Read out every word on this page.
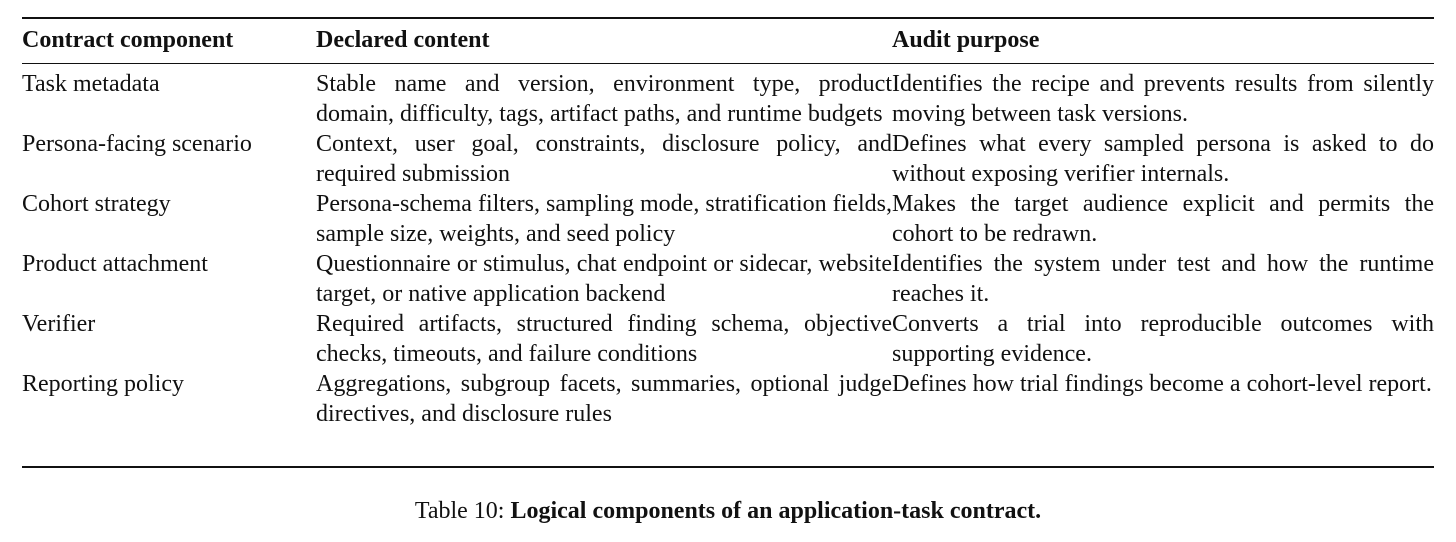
Contract component	Declared content	Audit purpose
Task metadata	Stable name and version, environment type, product domain, difficulty, tags, artifact paths, and runtime budgets	Identifies the recipe and prevents results from silently moving between task versions.
Persona-facing scenario	Context, user goal, constraints, disclosure policy, and required submission	Defines what every sampled persona is asked to do without exposing verifier internals.
Cohort strategy	Persona-schema filters, sampling mode, stratification fields, sample size, weights, and seed policy	Makes the target audience explicit and permits the cohort to be redrawn.
Product attachment	Questionnaire or stimulus, chat endpoint or sidecar, website target, or native application backend	Identifies the system under test and how the runtime reaches it.
Verifier	Required artifacts, structured finding schema, objective checks, timeouts, and failure conditions	Converts a trial into reproducible outcomes with supporting evidence.
Reporting policy	Aggregations, subgroup facets, summaries, optional judge directives, and disclosure rules	Defines how trial findings become a cohort-level report.
Table 10: Logical components of an application-task contract.
